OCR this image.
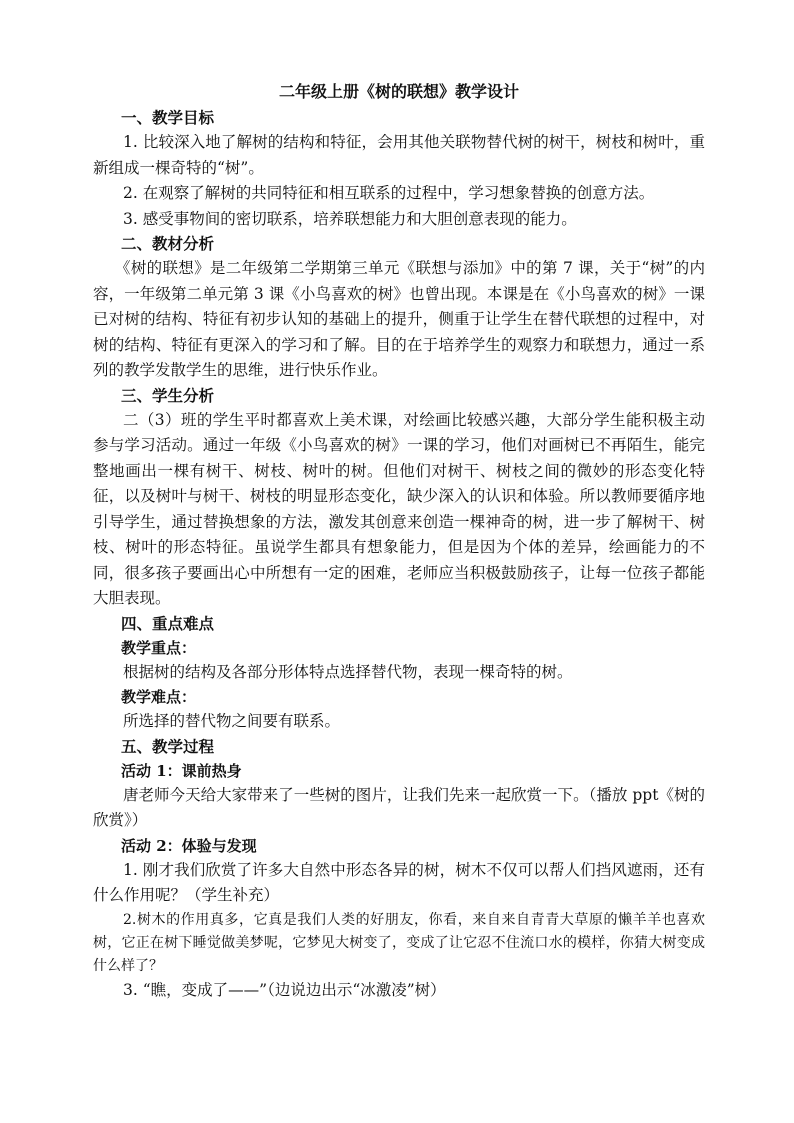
二年级上册《树的联想》教学设计
一、教学目标

1. 比较深入地了解树的结构和特征，会用其他关联物替代树的树干，树枝和树叶，重新组成一棵奇特的“树”。

2. 在观察了解树的共同特征和相互联系的过程中，学习想象替换的创意方法。

3. 感受事物间的密切联系，培养联想能力和大胆创意表现的能力。

二、教材分析

《树的联想》是二年级第二学期第三单元《联想与添加》中的第 7 课，关于“树”的内容，一年级第二单元第 3 课《小鸟喜欢的树》也曾出现。本课是在《小鸟喜欢的树》一课已对树的结构、特征有初步认知的基础上的提升，侧重于让学生在替代联想的过程中，对树的结构、特征有更深入的学习和了解。目的在于培养学生的观察力和联想力，通过一系列的教学发散学生的思维，进行快乐作业。

三、学生分析

二（3）班的学生平时都喜欢上美术课，对绘画比较感兴趣，大部分学生能积极主动参与学习活动。通过一年级《小鸟喜欢的树》一课的学习，他们对画树已不再陌生，能完整地画出一棵有树干、树枝、树叶的树。但他们对树干、树枝之间的微妙的形态变化特征，以及树叶与树干、树枝的明显形态变化，缺少深入的认识和体验。所以教师要循序地引导学生，通过替换想象的方法，激发其创意来创造一棵神奇的树，进一步了解树干、树枝、树叶的形态特征。虽说学生都具有想象能力，但是因为个体的差异，绘画能力的不同，很多孩子要画出心中所想有一定的困难，老师应当积极鼓励孩子，让每一位孩子都能大胆表现。

四、重点难点
教学重点：

根据树的结构及各部分形体特点选择替代物，表现一棵奇特的树。

教学难点：

所选择的替代物之间要有联系。

五、教学过程
活动 1：课前热身

唐老师今天给大家带来了一些树的图片，让我们先来一起欣赏一下。（播放 ppt《树的欣赏》）

活动 2：体验与发现

1. 刚才我们欣赏了许多大自然中形态各异的树，树木不仅可以帮人们挡风遮雨，还有什么作用呢？（学生补充）

2.树木的作用真多，它真是我们人类的好朋友，你看，来自来自青青大草原的懒羊羊也喜欢树，它正在树下睡觉做美梦呢，它梦见大树变了，变成了让它忍不住流口水的模样，你猜大树变成什么样了？

3. “瞧，变成了——”（边说边出示“冰激凌”树）
